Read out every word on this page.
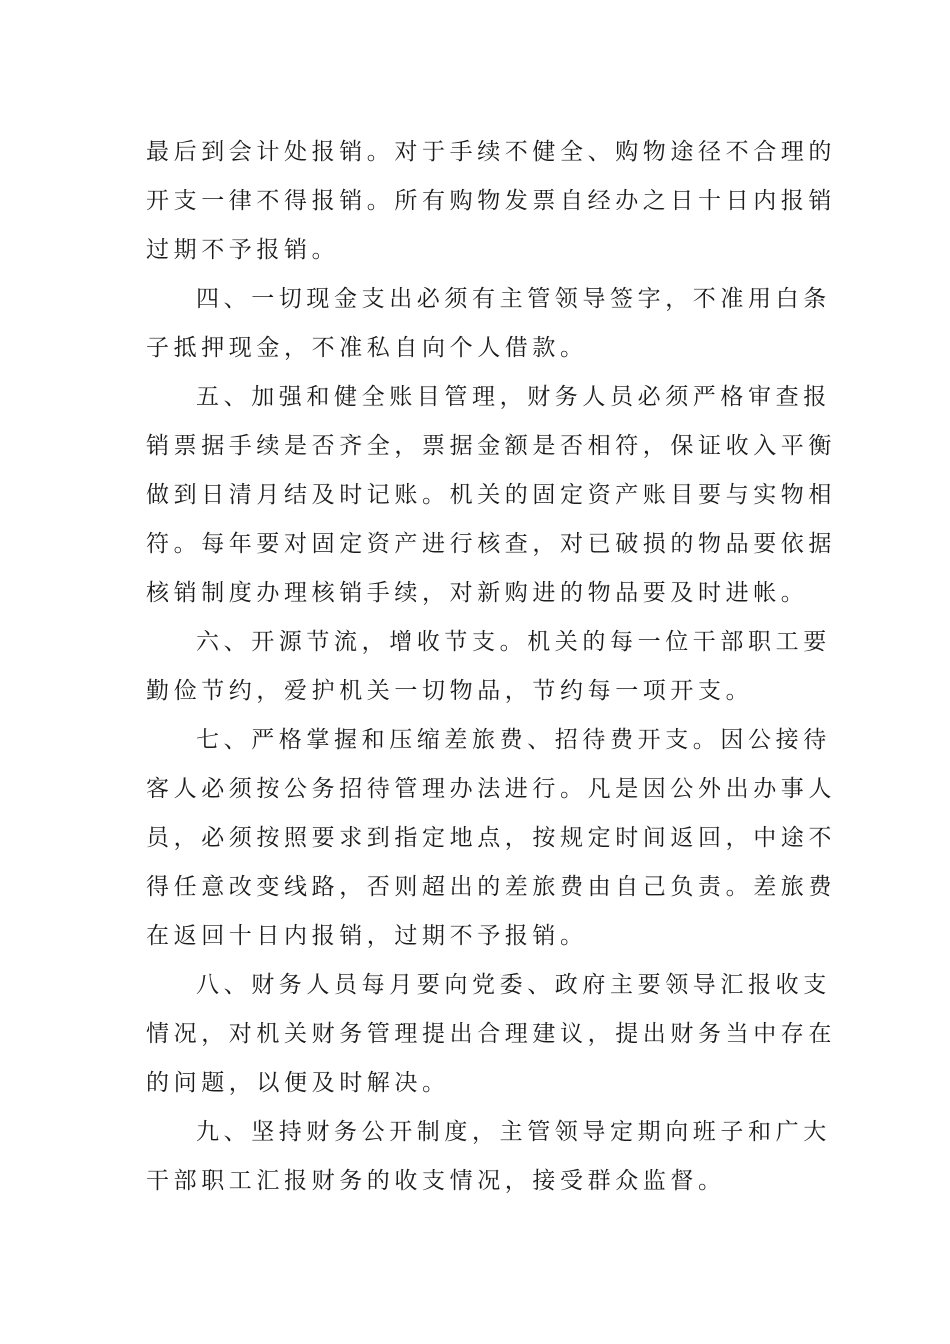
最后到会计处报销。对于手续不健全、购物途径不合理的
开支一律不得报销。所有购物发票自经办之日十日内报销
过期不予报销。
四、一切现金支出必须有主管领导签字，不准用白条
子抵押现金，不准私自向个人借款。
五、加强和健全账目管理，财务人员必须严格审查报
销票据手续是否齐全，票据金额是否相符，保证收入平衡
做到日清月结及时记账。机关的固定资产账目要与实物相
符。每年要对固定资产进行核查，对已破损的物品要依据
核销制度办理核销手续，对新购进的物品要及时进帐。
六、开源节流，增收节支。机关的每一位干部职工要
勤俭节约，爱护机关一切物品，节约每一项开支。
七、严格掌握和压缩差旅费、招待费开支。因公接待
客人必须按公务招待管理办法进行。凡是因公外出办事人
员，必须按照要求到指定地点，按规定时间返回，中途不
得任意改变线路，否则超出的差旅费由自己负责。差旅费
在返回十日内报销，过期不予报销。
八、财务人员每月要向党委、政府主要领导汇报收支
情况，对机关财务管理提出合理建议，提出财务当中存在
的问题，以便及时解决。
九、坚持财务公开制度，主管领导定期向班子和广大
干部职工汇报财务的收支情况，接受群众监督。
